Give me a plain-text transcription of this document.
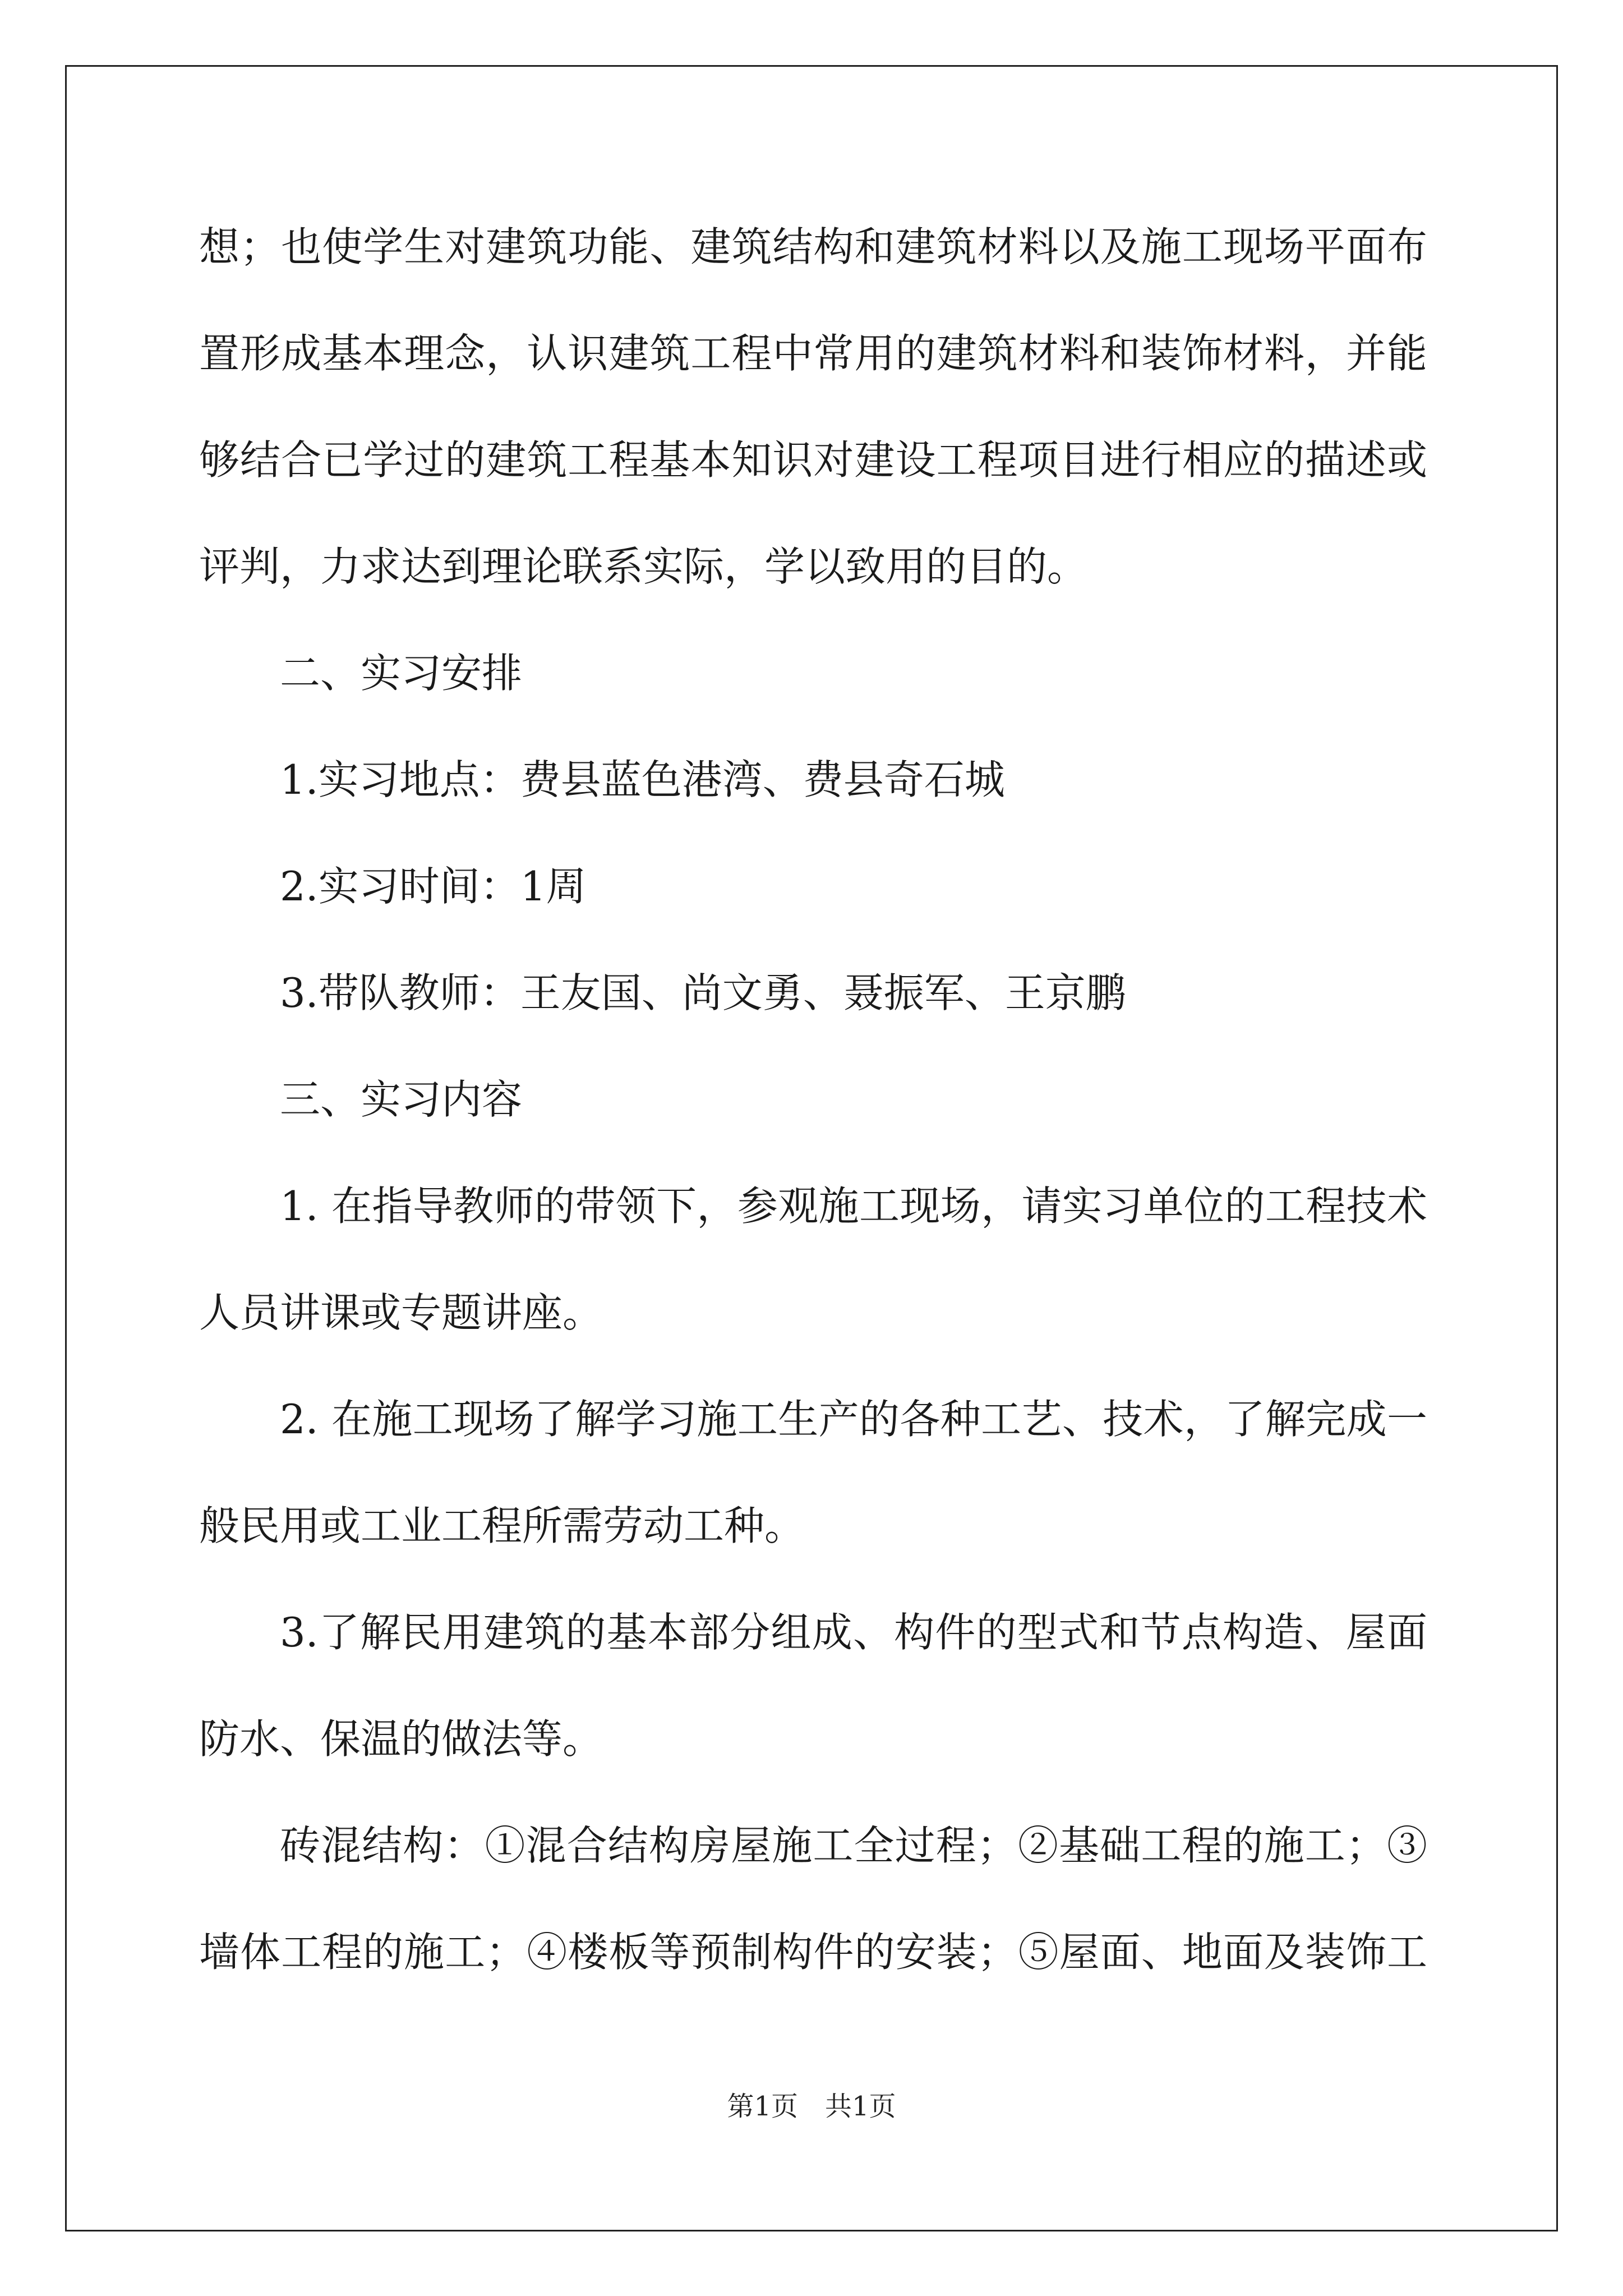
想；也使学生对建筑功能、建筑结构和建筑材料以及施工现场平面布
置形成基本理念，认识建筑工程中常用的建筑材料和装饰材料，并能
够结合已学过的建筑工程基本知识对建设工程项目进行相应的描述或
评判，力求达到理论联系实际，学以致用的目的。
二、实习安排
1.实习地点：费县蓝色港湾、费县奇石城
2.实习时间：1周
3.带队教师：王友国、尚文勇、聂振军、王京鹏
三、实习内容
1. 在指导教师的带领下，参观施工现场，请实习单位的工程技术
人员讲课或专题讲座。
2. 在施工现场了解学习施工生产的各种工艺、技术，了解完成一
般民用或工业工程所需劳动工种。
3.了解民用建筑的基本部分组成、构件的型式和节点构造、屋面
防水、保温的做法等。
砖混结构：①混合结构房屋施工全过程；②基础工程的施工；③
墙体工程的施工；④楼板等预制构件的安装；⑤屋面、地面及装饰工
第1页 共1页
